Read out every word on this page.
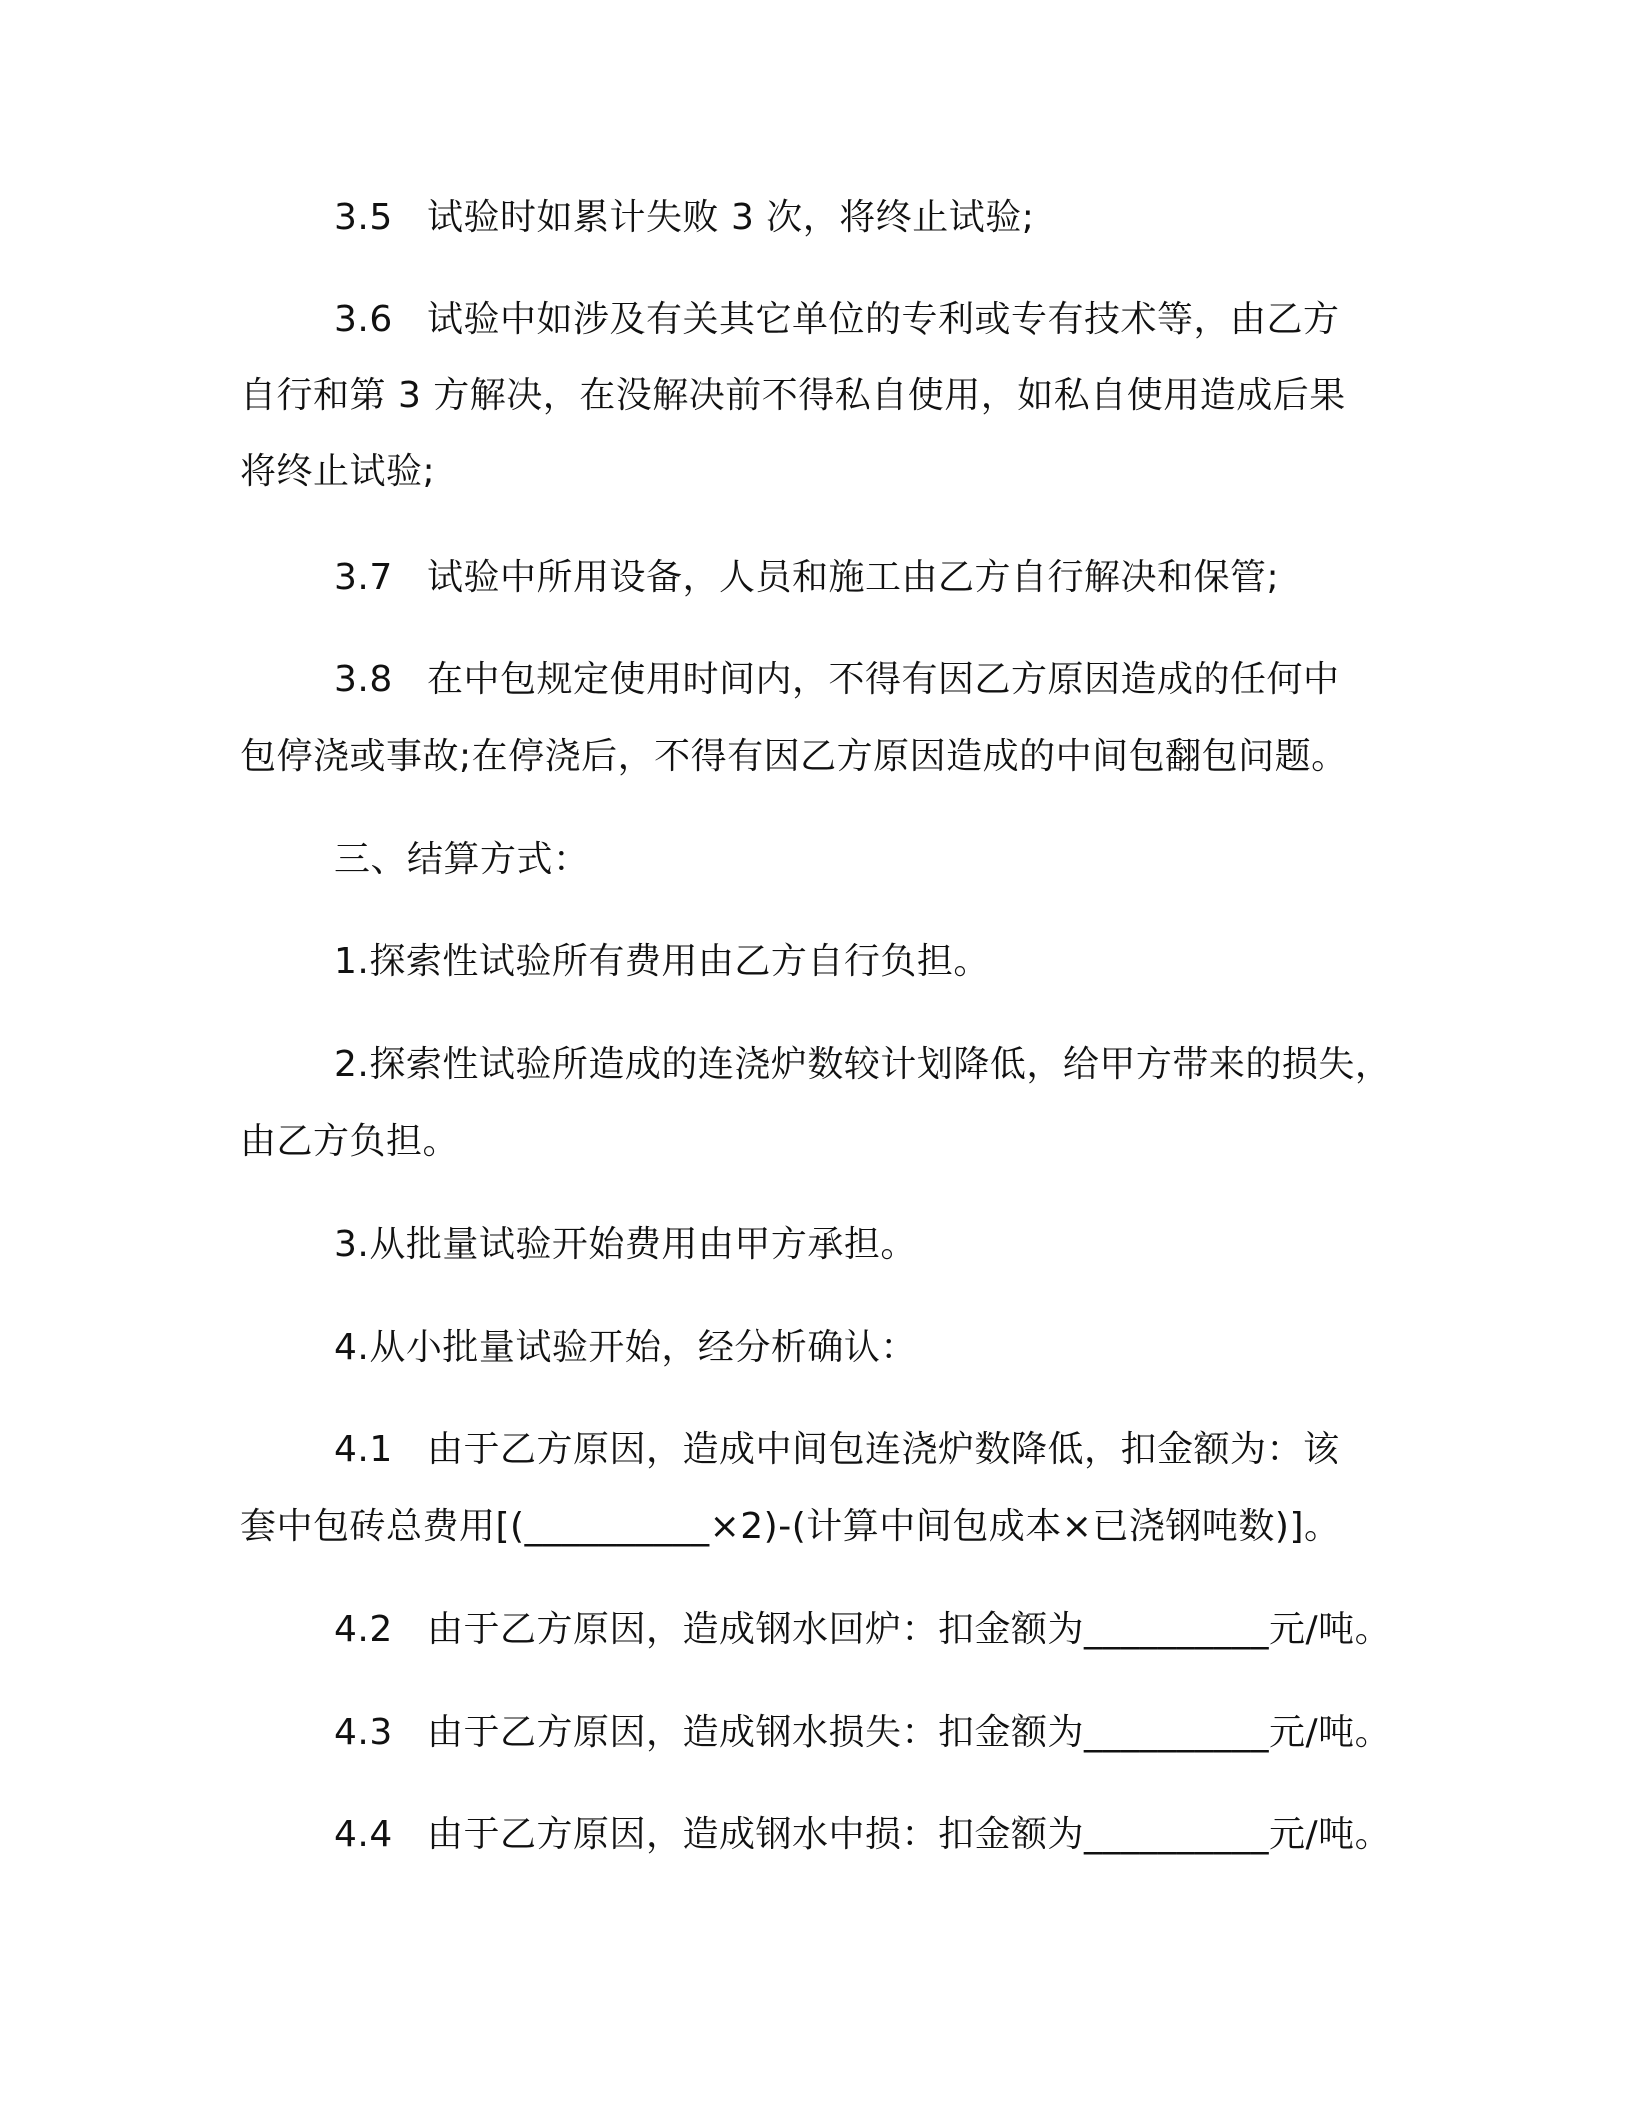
3.5 试验时如累计失败 3 次，将终止试验;
3.6 试验中如涉及有关其它单位的专利或专有技术等，由乙方
自行和第 3 方解决，在没解决前不得私自使用，如私自使用造成后果
将终止试验;
3.7 试验中所用设备，人员和施工由乙方自行解决和保管;
3.8 在中包规定使用时间内，不得有因乙方原因造成的任何中
包停浇或事故;在停浇后，不得有因乙方原因造成的中间包翻包问题。
三、结算方式：
1.探索性试验所有费用由乙方自行负担。
2.探索性试验所造成的连浇炉数较计划降低，给甲方带来的损失，
由乙方负担。
3.从批量试验开始费用由甲方承担。
4.从小批量试验开始，经分析确认：
4.1 由于乙方原因，造成中间包连浇炉数降低，扣金额为：该
套中包砖总费用[(__________×2)-(计算中间包成本×已浇钢吨数)]。
4.2 由于乙方原因，造成钢水回炉：扣金额为__________元/吨。
4.3 由于乙方原因，造成钢水损失：扣金额为__________元/吨。
4.4 由于乙方原因，造成钢水中损：扣金额为__________元/吨。
